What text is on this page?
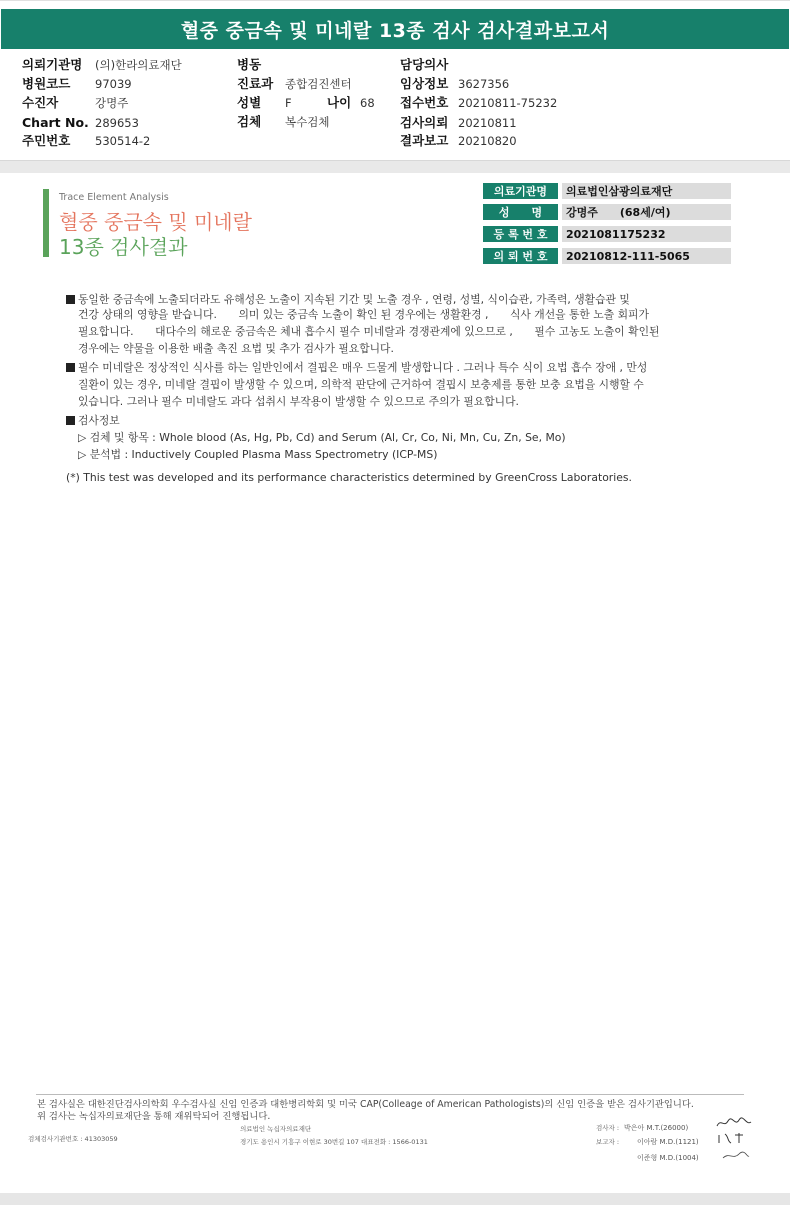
혈중 중금속 및 미네랄 13종 검사 검사결과보고서
의뢰기관명 (의)한라의료재단
병원코드 97039
수진자	강명주
Chart No. 289653
주민번호 530514-2
병동
진료과 종합검진센터
성별 F	나이 68
검체 복수검체
담당의사
임상정보 3627356
접수번호 20210811-75232
검사의뢰 20210811
결과보고 20210820
Trace Element Analysis
혈중 중금속 및 미네랄
13종 검사결과
의료기관명	의료법인삼광의료재단
성　　명	강명주　　(68세/여)
등 록 번 호	2021081175232
의 뢰 번 호	20210812-111-5065
동일한 중금속에 노출되더라도 유해성은 노출이 지속된 기간 및 노출 경우 , 연령, 성별, 식이습관, 가족력, 생활습관 및
건강 상태의 영향을 받습니다.　　의미 있는 중금속 노출이 확인 된 경우에는 생활환경 ,　　식사 개선을 통한 노출 회피가
필요합니다.　　대다수의 해로운 중금속은 체내 흡수시 필수 미네랄과 경쟁관계에 있으므로 ,　　필수 고농도 노출이 확인된
경우에는 약물을 이용한 배출 촉진 요법 및 추가 검사가 필요합니다.
필수 미네랄은 정상적인 식사를 하는 일반인에서 결핍은 매우 드물게 발생합니다 . 그러나 특수 식이 요법 흡수 장애 , 만성
질환이 있는 경우, 미네랄 결핍이 발생할 수 있으며, 의학적 판단에 근거하여 결핍시 보충제를 통한 보충 요법을 시행할 수
있습니다. 그러나 필수 미네랄도 과다 섭취시 부작용이 발생할 수 있으므로 주의가 필요합니다.
검사정보
▷ 검체 및 항목 : Whole blood (As, Hg, Pb, Cd) and Serum (Al, Cr, Co, Ni, Mn, Cu, Zn, Se, Mo)
▷ 분석법 : Inductively Coupled Plasma Mass Spectrometry (ICP-MS)
(*) This test was developed and its performance characteristics determined by GreenCross Laboratories.
본 검사실은 대한진단검사의학회 우수검사실 신임 인증과 대한병리학회 및 미국 CAP(Colleage of American Pathologists)의 신임 인증을 받은 검사기관입니다.
위 검사는 녹십자의료재단을 통해 재위탁되어 진행됩니다.
검체검사기관번호 : 41303059
의료법인 녹십자의료재단
경기도 용인시 기흥구 이현로 30번길 107 대표전화 : 1566-0131
검사자 : 박은아 M.T.(26000)
보고자 :	이아람 M.D.(1121)
이준형 M.D.(1004)
